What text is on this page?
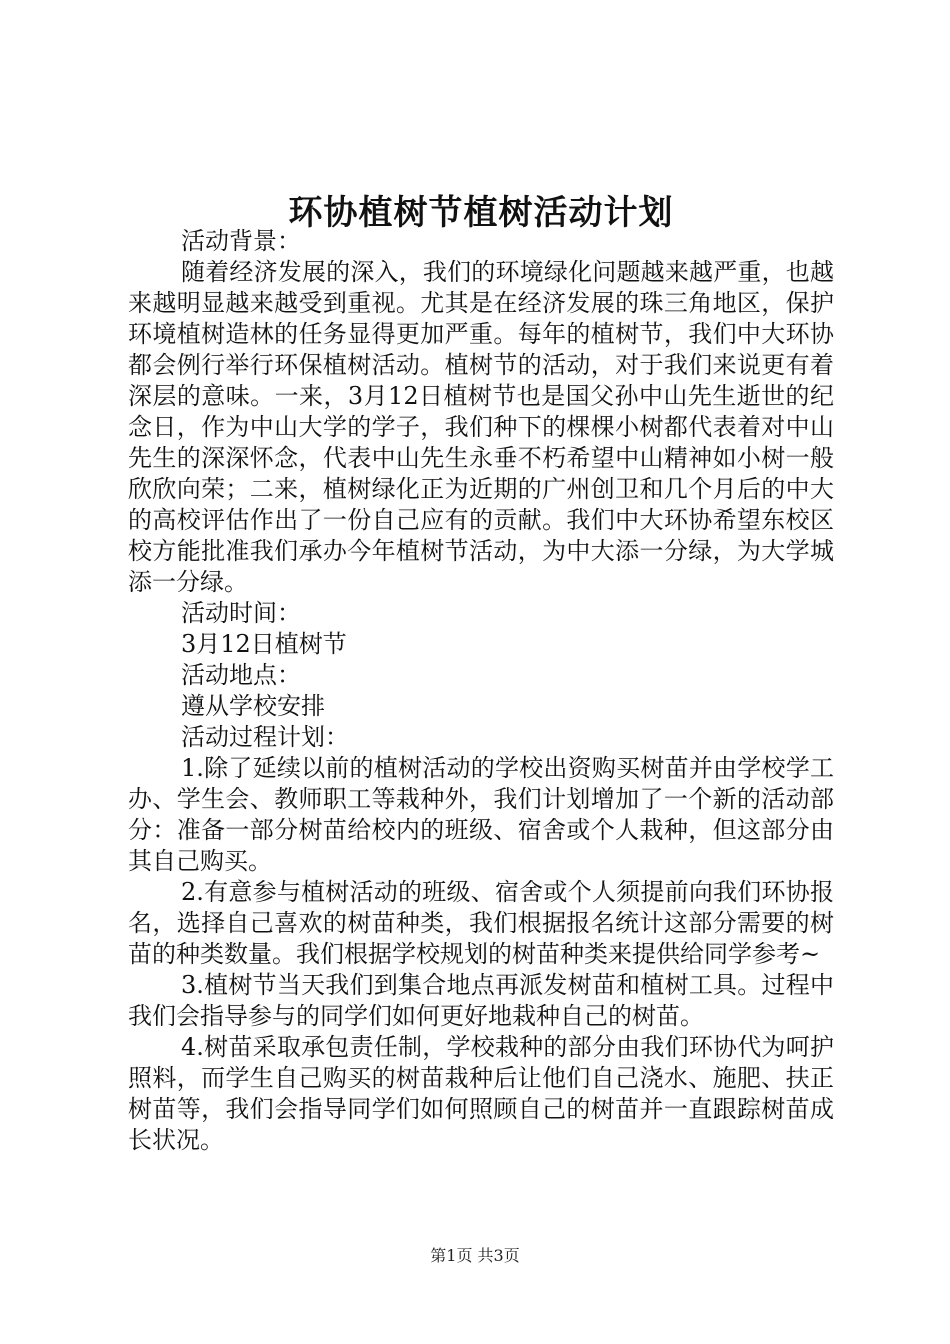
环协植树节植树活动计划

活动背景：

随着经济发展的深入，我们的环境绿化问题越来越严重，也越来越明显越来越受到重视。尤其是在经济发展的珠三角地区，保护环境植树造林的任务显得更加严重。每年的植树节，我们中大环协都会例行举行环保植树活动。植树节的活动，对于我们来说更有着深层的意味。一来，3月12日植树节也是国父孙中山先生逝世的纪念日，作为中山大学的学子，我们种下的棵棵小树都代表着对中山先生的深深怀念，代表中山先生永垂不朽希望中山精神如小树一般欣欣向荣；二来，植树绿化正为近期的广州创卫和几个月后的中大的高校评估作出了一份自己应有的贡献。我们中大环协希望东校区校方能批准我们承办今年植树节活动，为中大添一分绿，为大学城添一分绿。

活动时间：

3月12日植树节

活动地点：

遵从学校安排

活动过程计划：

1.除了延续以前的植树活动的学校出资购买树苗并由学校学工办、学生会、教师职工等栽种外，我们计划增加了一个新的活动部分：准备一部分树苗给校内的班级、宿舍或个人栽种，但这部分由其自己购买。

2.有意参与植树活动的班级、宿舍或个人须提前向我们环协报名，选择自己喜欢的树苗种类，我们根据报名统计这部分需要的树苗的种类数量。我们根据学校规划的树苗种类来提供给同学参考~

3.植树节当天我们到集合地点再派发树苗和植树工具。过程中我们会指导参与的同学们如何更好地栽种自己的树苗。

4.树苗采取承包责任制，学校栽种的部分由我们环协代为呵护照料，而学生自己购买的树苗栽种后让他们自己浇水、施肥、扶正树苗等，我们会指导同学们如何照顾自己的树苗并一直跟踪树苗成长状况。

第1页 共3页
